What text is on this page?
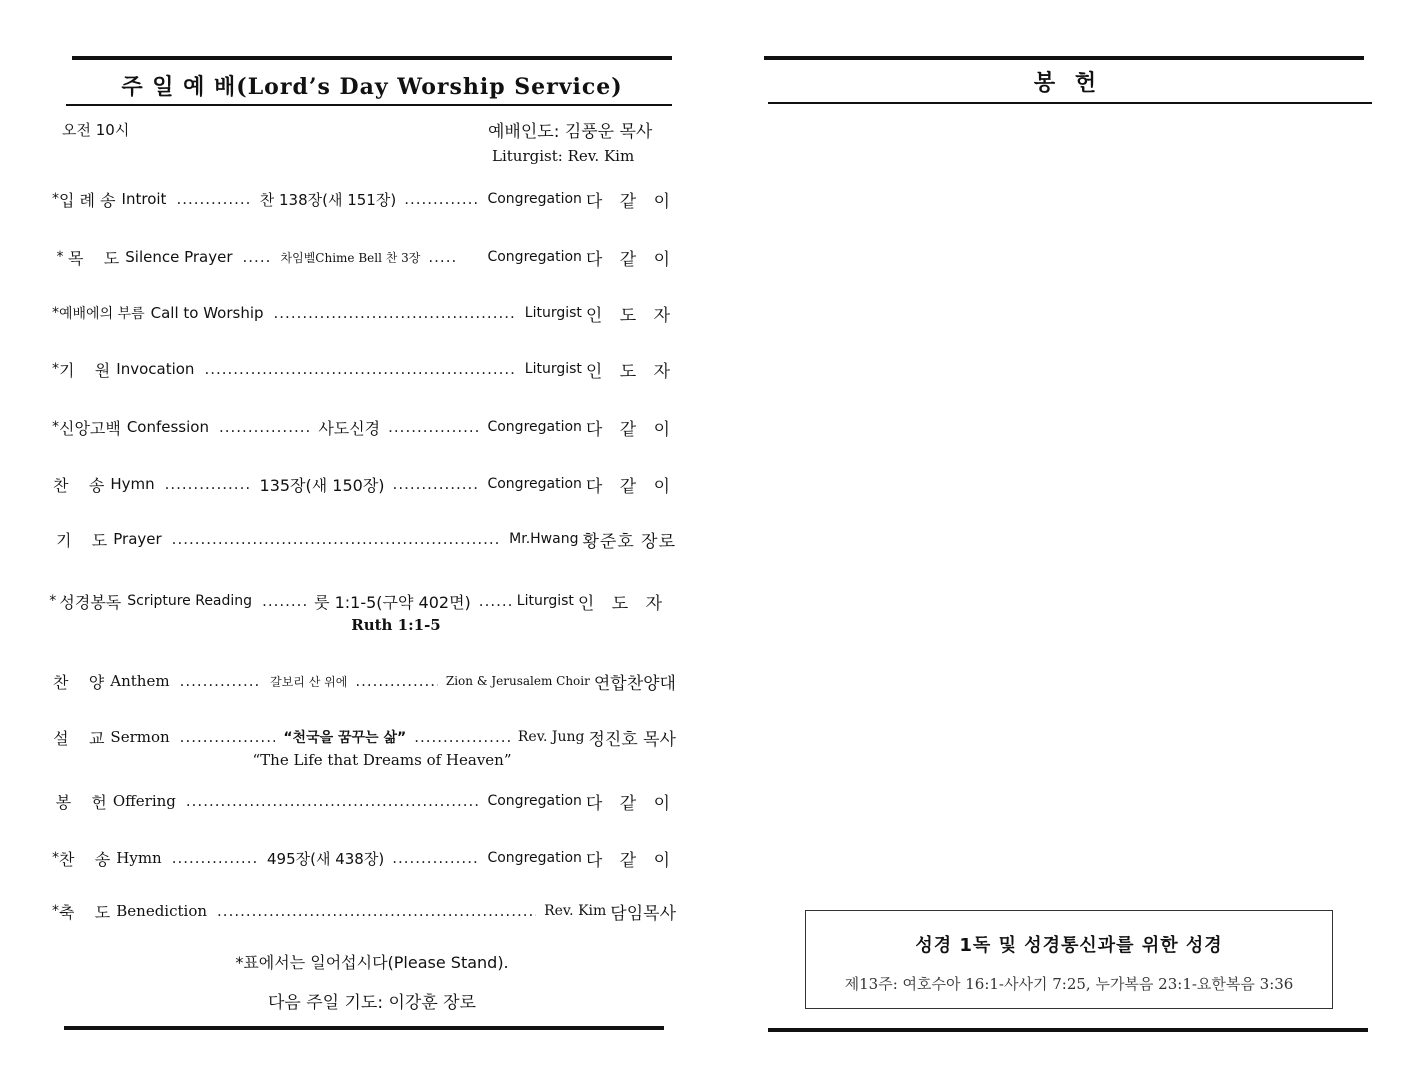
주 일 예 배(Lord’s Day Worship Service)
오전 10시	예배인도: 김풍운 목사
Liturgist: Rev. Kim
* 입 례 송 Introit .....	찬 138장(새 151장) .....	Congregation 다 같 이
* 목    도 Silence Prayer .....	차임벨Chime Bell 찬 3장 .....	Congregation 다 같 이
* 예배에의 부름 Call to Worship .....	Liturgist 인 도 자
* 기    원 Invocation .....	Liturgist 인 도 자
* 신앙고백 Confession .....	사도신경 .....	Congregation 다 같 이
찬    송 Hymn .....	135장(새 150장) .....	Congregation 다 같 이
기    도 Prayer .....	Mr.Hwang 황준호 장로
* 성경봉독 Scripture Reading .....	룻 1:1-5(구약 402면) .....	Liturgist 인 도 자
Ruth 1:1-5
찬    양 Anthem .....	갈보리 산 위에 .....	Zion & Jerusalem Choir 연합찬양대
설    교 Sermon .....	“천국을 꿈꾸는 삶” .....	Rev. Jung 정진호 목사
“The Life that Dreams of Heaven”
봉    헌 Offering .....	Congregation 다 같 이
* 찬    송 Hymn .....	495장(새 438장) .....	Congregation 다 같 이
* 축    도 Benediction .....	Rev. Kim 담임목사
*표에서는 일어섭시다(Please Stand).
다음 주일 기도: 이강훈 장로
봉 헌
성경 1독 및 성경통신과를 위한 성경
제13주: 여호수아 16:1-사사기 7:25, 누가복음 23:1-요한복음 3:36
